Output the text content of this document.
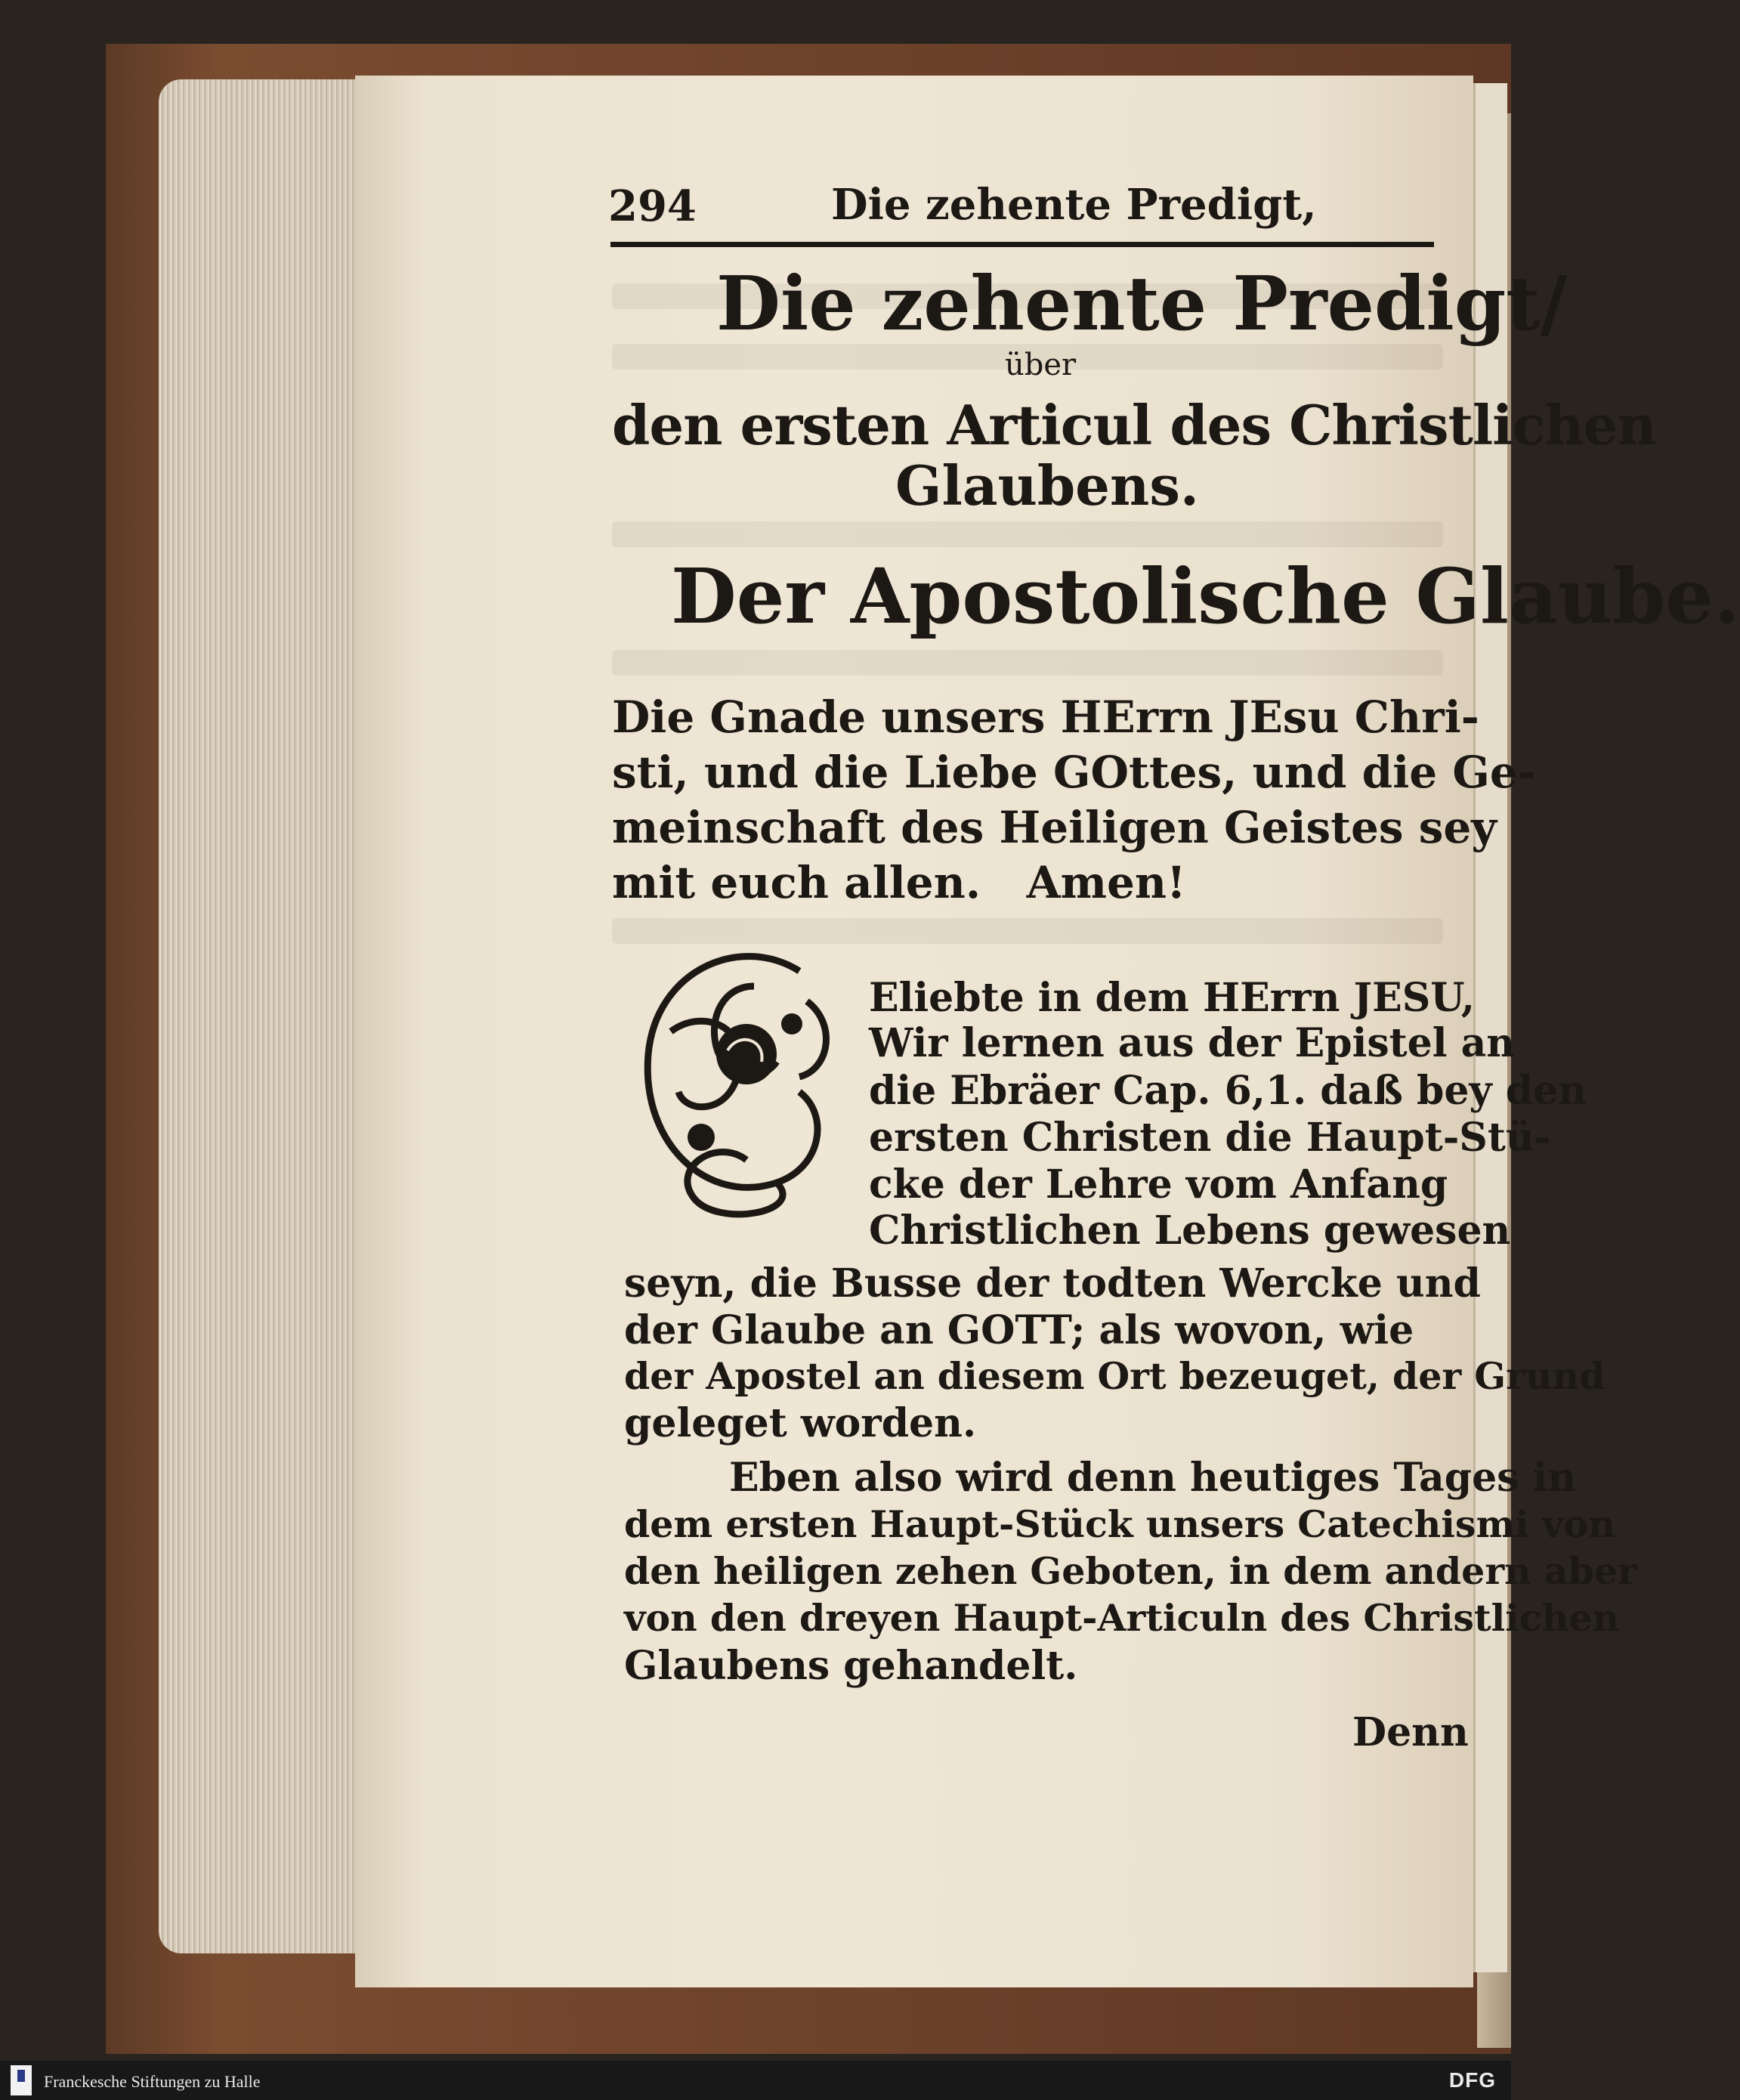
294	Die zehente Predigt,
Die zehente Predigt/
über
den ersten Articul des Christlichen
Glaubens.
Der Apostolische Glaube.
Die Gnade unsers HErrn JEsu Chri-
sti, und die Liebe GOttes, und die Ge-
meinschaft des Heiligen Geistes sey
mit euch allen.   Amen!
Eliebte in dem HErrn JESU,
Wir lernen aus der Epistel an
die Ebräer Cap. 6,1. daß bey den
ersten Christen die Haupt-Stü-
cke der Lehre vom Anfang
Christlichen Lebens gewesen
seyn, die Busse der todten Wercke und
der Glaube an GOTT; als wovon, wie
der Apostel an diesem Ort bezeuget, der Grund
geleget worden.
Eben also wird denn heutiges Tages in
dem ersten Haupt-Stück unsers Catechismi von
den heiligen zehen Geboten, in dem andern aber
von den dreyen Haupt-Articuln des Christlichen
Glaubens gehandelt.
Denn
Franckesche Stiftungen zu Halle	DFG
